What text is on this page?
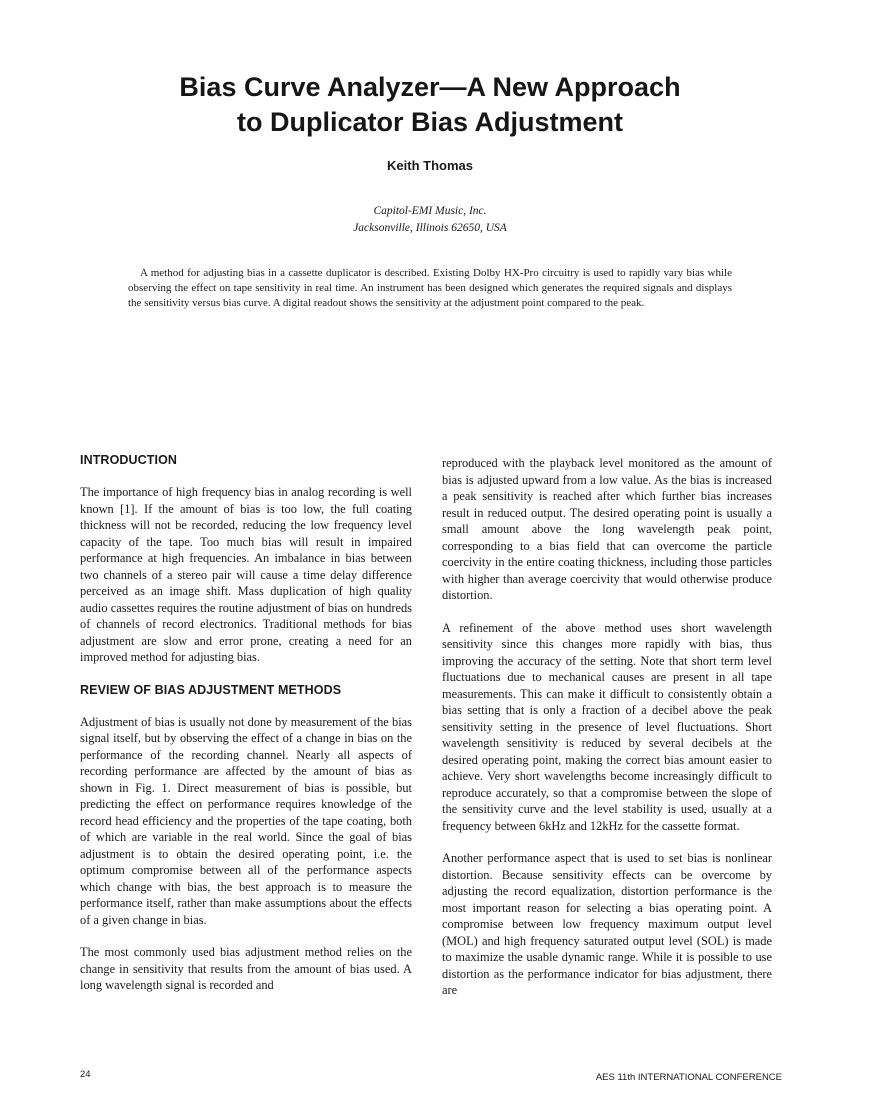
Bias Curve Analyzer—A New Approach
to Duplicator Bias Adjustment
Keith Thomas
Capitol-EMI Music, Inc.
Jacksonville, Illinois 62650, USA

A method for adjusting bias in a cassette duplicator is described. Existing Dolby HX-Pro circuitry is used to rapidly vary bias while observing the effect on tape sensitivity in real time. An instrument has been designed which generates the required signals and displays the sensitivity versus bias curve. A digital readout shows the sensitivity at the adjustment point compared to the peak.

INTRODUCTION

The importance of high frequency bias in analog recording is well known [1]. If the amount of bias is too low, the full coating thickness will not be recorded, reducing the low frequency level capacity of the tape. Too much bias will result in impaired performance at high frequencies. An imbalance in bias between two channels of a stereo pair will cause a time delay difference perceived as an image shift. Mass duplication of high quality audio cassettes requires the routine adjustment of bias on hundreds of channels of record electronics. Traditional methods for bias adjustment are slow and error prone, creating a need for an improved method for adjusting bias.

REVIEW OF BIAS ADJUSTMENT METHODS

Adjustment of bias is usually not done by measurement of the bias signal itself, but by observing the effect of a change in bias on the performance of the recording channel. Nearly all aspects of recording performance are affected by the amount of bias as shown in Fig. 1. Direct measurement of bias is possible, but predicting the effect on performance requires knowledge of the record head efficiency and the properties of the tape coating, both of which are variable in the real world. Since the goal of bias adjustment is to obtain the desired operating point, i.e. the optimum compromise between all of the performance aspects which change with bias, the best approach is to measure the performance itself, rather than make assumptions about the effects of a given change in bias.

The most commonly used bias adjustment method relies on the change in sensitivity that results from the amount of bias used. A long wavelength signal is recorded and

reproduced with the playback level monitored as the amount of bias is adjusted upward from a low value. As the bias is increased a peak sensitivity is reached after which further bias increases result in reduced output. The desired operating point is usually a small amount above the long wavelength peak point, corresponding to a bias field that can overcome the particle coercivity in the entire coating thickness, including those particles with higher than average coercivity that would otherwise produce distortion.

A refinement of the above method uses short wavelength sensitivity since this changes more rapidly with bias, thus improving the accuracy of the setting. Note that short term level fluctuations due to mechanical causes are present in all tape measurements. This can make it difficult to consistently obtain a bias setting that is only a fraction of a decibel above the peak sensitivity setting in the presence of level fluctuations. Short wavelength sensitivity is reduced by several decibels at the desired operating point, making the correct bias amount easier to achieve. Very short wavelengths become increasingly difficult to reproduce accurately, so that a compromise between the slope of the sensitivity curve and the level stability is used, usually at a frequency between 6kHz and 12kHz for the cassette format.

Another performance aspect that is used to set bias is nonlinear distortion. Because sensitivity effects can be overcome by adjusting the record equalization, distortion performance is the most important reason for selecting a bias operating point. A compromise between low frequency maximum output level (MOL) and high frequency saturated output level (SOL) is made to maximize the usable dynamic range. While it is possible to use distortion as the performance indicator for bias adjustment, there are

24	AES 11th INTERNATIONAL CONFERENCE
